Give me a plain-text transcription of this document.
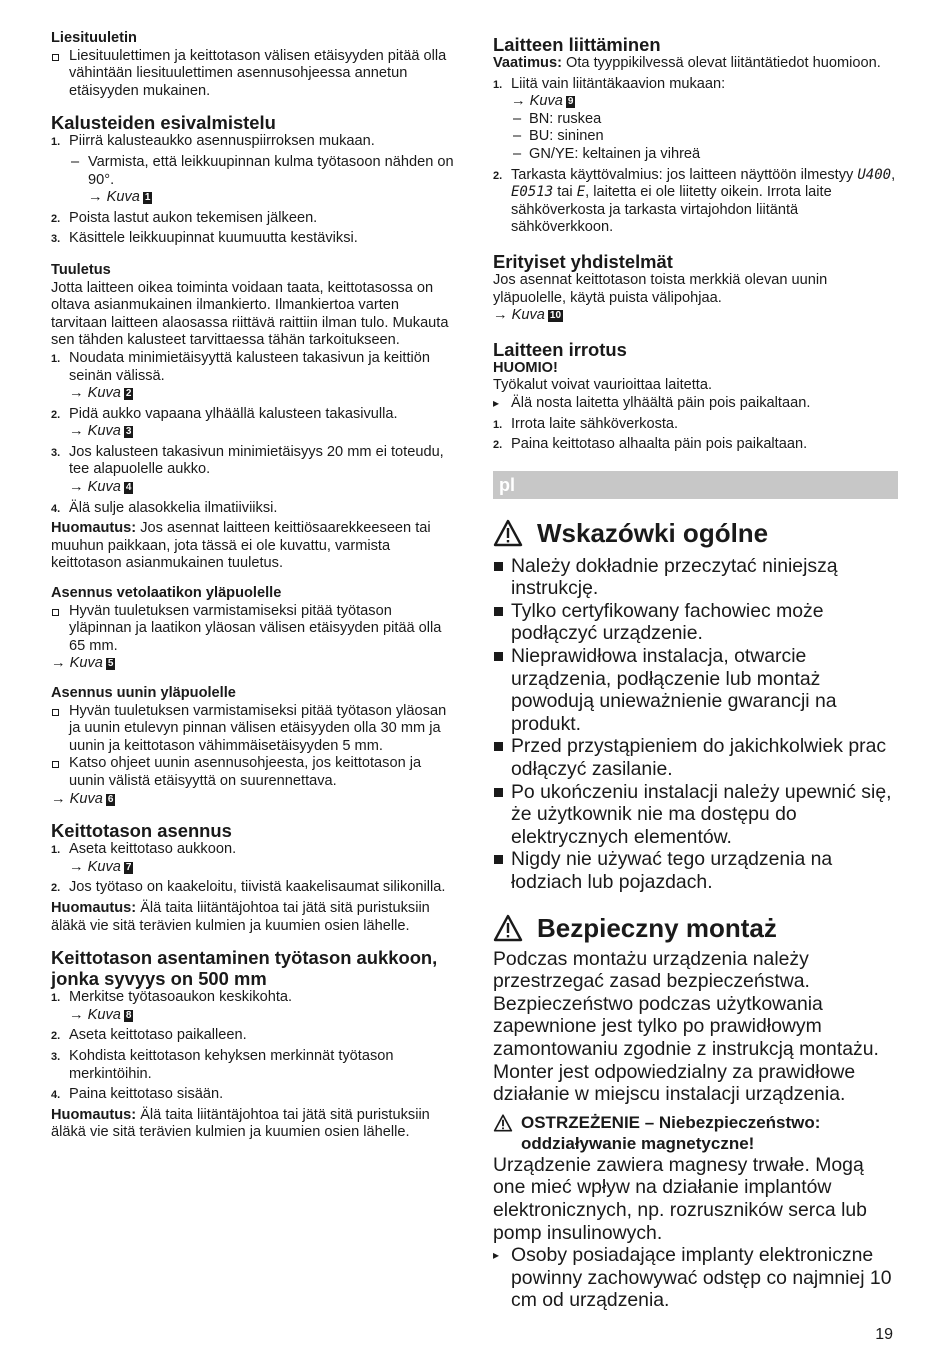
Liesituuletin

Liesituulettimen ja keittotason välisen etäisyyden pitää olla vähintään liesituulettimen asennusohjeessa annetun etäisyyden mukainen.

Kalusteiden esivalmistelu

1. Piirrä kalusteaukko asennuspiirroksen mukaan.

– Varmista, että leikkuupinnan kulma työtasoon nähden on 90°.

→ Kuva 1

2. Poista lastut aukon tekemisen jälkeen.

3. Käsittele leikkuupinnat kuumuutta kestäviksi.

Tuuletus

Jotta laitteen oikea toiminta voidaan taata, keittotasossa on oltava asianmukainen ilmankierto. Ilmankiertoa varten tarvitaan laitteen alaosassa riittävä raittiin ilman tulo. Mukauta sen tähden kalusteet tarvittaessa tähän tarkoitukseen.

1. Noudata minimietäisyyttä kalusteen takasivun ja keittiön seinän välissä.

→ Kuva 2

2. Pidä aukko vapaana ylhäällä kalusteen takasivulla.

→ Kuva 3

3. Jos kalusteen takasivun minimietäisyys 20 mm ei toteudu, tee alapuolelle aukko.

→ Kuva 4

4. Älä sulje alasokkelia ilmatiiviiksi.

Huomautus: Jos asennat laitteen keittiösaarekkeeseen tai muuhun paikkaan, jota tässä ei ole kuvattu, varmista keittotason asianmukainen tuuletus.

Asennus vetolaatikon yläpuolelle

Hyvän tuuletuksen varmistamiseksi pitää työtason yläpinnan ja laatikon yläosan välisen etäisyyden pitää olla 65 mm.

→ Kuva 5

Asennus uunin yläpuolelle

Hyvän tuuletuksen varmistamiseksi pitää työtason yläosan ja uunin etulevyn pinnan välisen etäisyyden olla 30 mm ja uunin ja keittotason vähimmäisetäisyyden 5 mm.

Katso ohjeet uunin asennusohjeesta, jos keittotason ja uunin välistä etäisyyttä on suurennettava.

→ Kuva 6

Keittotason asennus

1. Aseta keittotaso aukkoon.

→ Kuva 7

2. Jos työtaso on kaakeloitu, tiivistä kaakelisaumat silikonilla.

Huomautus: Älä taita liitäntäjohtoa tai jätä sitä puristuksiin äläkä vie sitä terävien kulmien ja kuumien osien lähelle.

Keittotason asentaminen työtason aukkoon, jonka syvyys on 500 mm

1. Merkitse työtasoaukon keskikohta.

→ Kuva 8

2. Aseta keittotaso paikalleen.

3. Kohdista keittotason kehyksen merkinnät työtason merkintöihin.

4. Paina keittotaso sisään.

Huomautus: Älä taita liitäntäjohtoa tai jätä sitä puristuksiin äläkä vie sitä terävien kulmien ja kuumien osien lähelle.

Laitteen liittäminen

Vaatimus: Ota tyyppikilvessä olevat liitäntätiedot huomioon.

1. Liitä vain liitäntäkaavion mukaan:

→ Kuva 9

– BN: ruskea

– BU: sininen

– GN/YE: keltainen ja vihreä

2. Tarkasta käyttövalmius: jos laitteen näyttöön ilmestyy U400, E0513 tai E, laitetta ei ole liitetty oikein. Irrota laite sähköverkosta ja tarkasta virtajohdon liitäntä sähköverkkoon.

Erityiset yhdistelmät

Jos asennat keittotason toista merkkiä olevan uunin yläpuolelle, käytä puista välipohjaa.

→ Kuva 10

Laitteen irrotus

HUOMIO!

Työkalut voivat vaurioittaa laitetta.

▸ Älä nosta laitetta ylhäältä päin pois paikaltaan.

1. Irrota laite sähköverkosta.

2. Paina keittotaso alhaalta päin pois paikaltaan.

pl
Wskazówki ogólne

Należy dokładnie przeczytać niniejszą instrukcję.

Tylko certyfikowany fachowiec może podłączyć urządzenie.

Nieprawidłowa instalacja, otwarcie urządzenia, podłączenie lub montaż powodują unieważnienie gwarancji na produkt.

Przed przystąpieniem do jakichkolwiek prac odłączyć zasilanie.

Po ukończeniu instalacji należy upewnić się, że użytkownik nie ma dostępu do elektrycznych elementów.

Nigdy nie używać tego urządzenia na łodziach lub pojazdach.

Bezpieczny montaż

Podczas montażu urządzenia należy przestrzegać zasad bezpieczeństwa. Bezpieczeństwo podczas użytkowania zapewnione jest tylko po prawidłowym zamontowaniu zgodnie z instrukcją montażu. Monter jest odpowiedzialny za prawidłowe działanie w miejscu instalacji urządzenia.

OSTRZEŻENIE – Niebezpieczeństwo: oddziaływanie magnetyczne!

Urządzenie zawiera magnesy trwałe. Mogą one mieć wpływ na działanie implantów elektronicznych, np. rozruszników serca lub pomp insulinowych.

▸ Osoby posiadające implanty elektroniczne powinny zachowywać odstęp co najmniej 10 cm od urządzenia.

19
